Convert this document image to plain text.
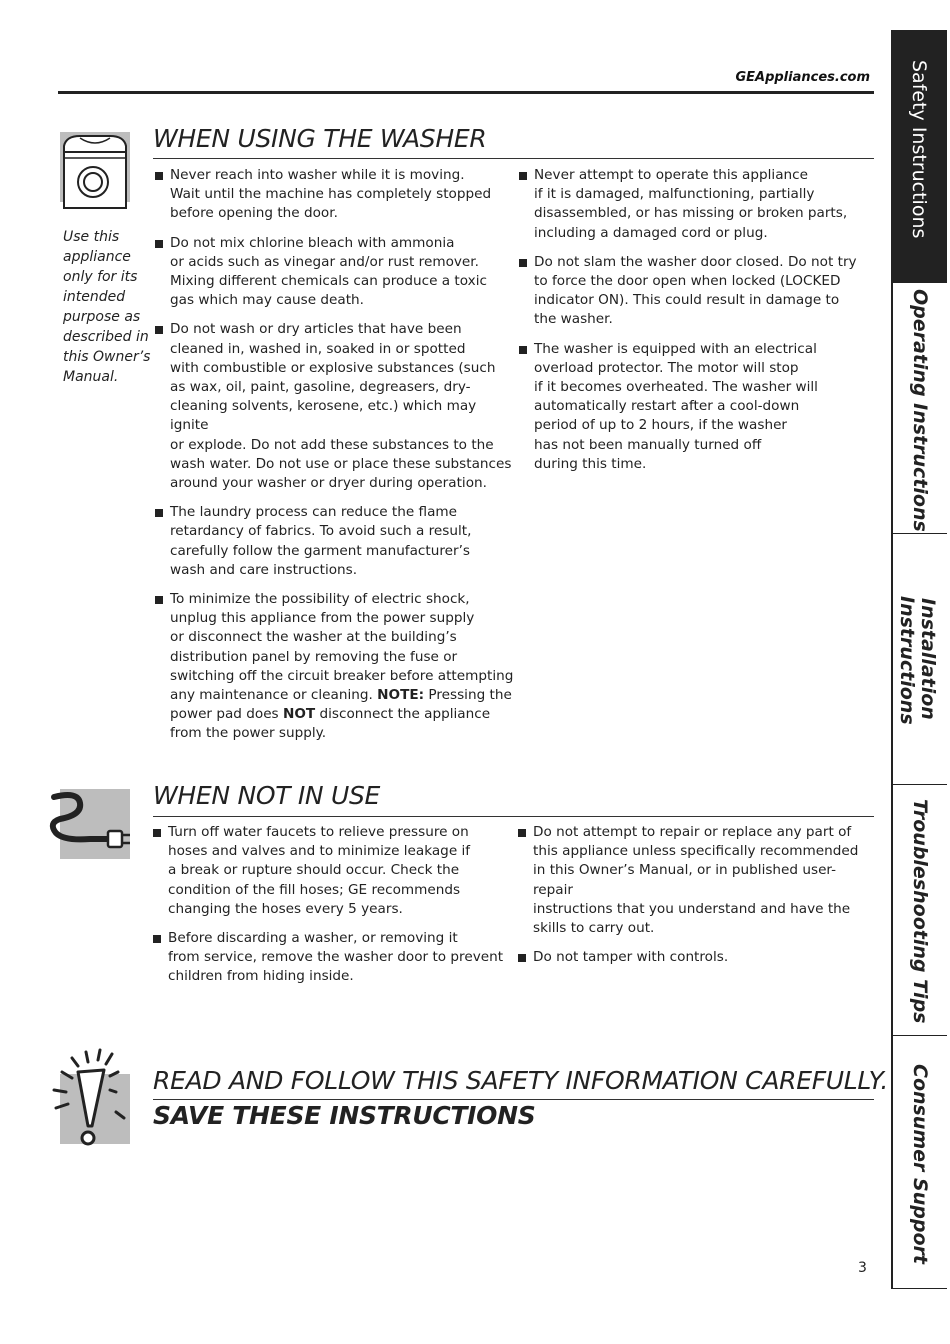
GEAppliances.com
WHEN USING THE WASHER
Use this appliance only for its intended purpose as described in this Owner’s Manual.
Never reach into washer while it is moving.
Wait until the machine has completely stopped
before opening the door.
Do not mix chlorine bleach with ammonia
or acids such as vinegar and/or rust remover.
Mixing different chemicals can produce a toxic
gas which may cause death.
Do not wash or dry articles that have been
cleaned in, washed in, soaked in or spotted
with combustible or explosive substances (such
as wax, oil, paint, gasoline, degreasers, dry-
cleaning solvents, kerosene, etc.) which may ignite
or explode. Do not add these substances to the
wash water. Do not use or place these substances
around your washer or dryer during operation.
The laundry process can reduce the flame
retardancy of fabrics. To avoid such a result,
carefully follow the garment manufacturer’s
wash and care instructions.
To minimize the possibility of electric shock,
unplug this appliance from the power supply
or disconnect the washer at the building’s
distribution panel by removing the fuse or
switching off the circuit breaker before attempting
any maintenance or cleaning. NOTE: Pressing the
power pad does NOT disconnect the appliance
from the power supply.
Never attempt to operate this appliance
if it is damaged, malfunctioning, partially
disassembled, or has missing or broken parts,
including a damaged cord or plug.
Do not slam the washer door closed. Do not try
to force the door open when locked (LOCKED
indicator ON). This could result in damage to
the washer.
The washer is equipped with an electrical
overload protector. The motor will stop
if it becomes overheated. The washer will
automatically restart after a cool-down
period of up to 2 hours, if the washer
has not been manually turned off
during this time.
WHEN NOT IN USE
Turn off water faucets to relieve pressure on
hoses and valves and to minimize leakage if
a break or rupture should occur. Check the
condition of the fill hoses; GE recommends
changing the hoses every 5 years.
Before discarding a washer, or removing it
from service, remove the washer door to prevent
children from hiding inside.
Do not attempt to repair or replace any part of
this appliance unless specifically recommended
in this Owner’s Manual, or in published user-repair
instructions that you understand and have the
skills to carry out.
Do not tamper with controls.
READ AND FOLLOW THIS SAFETY INFORMATION CAREFULLY.
SAVE THESE INSTRUCTIONS
Safety Instructions
Operating Instructions
Installation
Instructions
Troubleshooting Tips
Consumer Support
3
